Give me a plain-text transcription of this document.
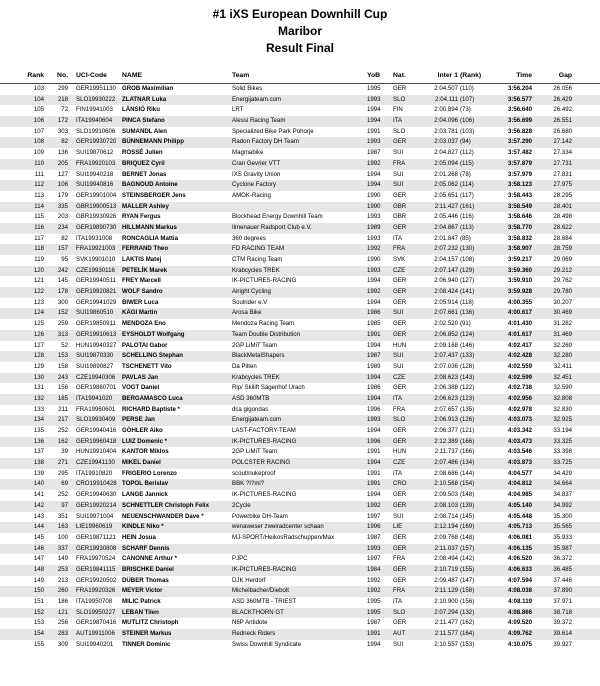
#1 iXS European Downhill Cup
Maribor
Result Final
Rank	No. UCI-Code	NAME	Team	YoB	Nat.	Inter 1 (Rank)	Time	Gap
103	299 GER19951130	GROB Maximilian	Solid Bikes	1995	GER	2:04.507 (110)	3:56.204	26.056
104	218 SLO19930222	ZLATNAR Luka	Energijateam.com	1993	SLO	2:04.111 (107)	3:56.577	26.429
105	72 FIN19941003	LÄNSIÖ Riku	LRT	1994	FIN	2:00.894 (73)	3:56.640	26.492
106	172 ITA19940604	PINCA Stefano	Alessi Racing Team	1994	ITA	2:04.096 (106)	3:56.699	26.551
107	303 SLO19910606	SUMANDL Alen	Specialized Bike Park Pohorje	1991	SLO	2:03.781 (103)	3:56.828	26.680
108	82 GER19930720 BÜNNEMANN Philipp	Radon Factory DH Team	1993	GER	2:03.037 (94)	3:57.290	27.142
109	136 SUI19870612	ROSSÉ Julien	Magmabike	1987	SUI	2:04.827 (112)	3:57.482	27.334
110	205 FRA19920103	BRIQUEZ Cyril	Cran Gevrier VTT	1992	FRA	2:05.094 (115)	3:57.879	27.731
111	127 SUI19940218	BERNET Jonas	IXS Gravity Union	1994	SUI	2:01.268 (78)	3:57.979	27.831
112	106 SUI19940816	BAGNOUD Antoine	Cyclone Factory	1994	SUI	2:05.062 (114)	3:58.123	27.975
113	179 GER19901004 STEINSBERGER Jens	AMOK-Racing	1990	GER	2:05.651 (117)	3:58.443	28.295
114	335 GBR19900513 MALLER Ashley	1990	GBR	2:11.427 (161)	3:58.549	28.401
115	203 GBR19930926 RYAN Fergus	Blockhead Energy Downhill Team	1993	GBR	2:05.446 (116)	3:58.646	28.498
116	234 GER19890730 HILLMANN Markus	Ilmenauer Radsport Club e.V.	1989	GER	2:04.867 (113)	3:58.770	28.622
117	82 ITA19931008	RONCAGLIA Mattia	360 degrees	1993	ITA	2:01.847 (85)	3:58.832	28.684
118	157 FRA19921003	FERRAND Theo	FD RACING TEAM	1992	FRA	2:07.232 (130)	3:58.907	28.759
119	95 SVK19901010	LAKTIS Matej	CTM Racing Team	1990	SVK	2:04.157 (108)	3:59.217	29.069
120	242 CZE19930116	PETELÍK Marek	Krabcycles TREK	1993	CZE	2:07.147 (129)	3:59.360	29.212
121	145 GER19940511	FREY Marcell	IK-PICTURES-RACING	1994	GER	2:06.940 (127)	3:59.910	29.762
122	178 GER19920821 WOLF Sandro	Alright Cycling	1992	GER	2:08.424 (141)	3:59.928	29.780
123	300 GER19941029 BIWER Luca	Soulrider e.V	1994	GER	2:05.914 (118)	4:00.355	30.207
124	152 SUI19860510	KÄGI Martin	Arosa Bike	1986	SUI	2:07.661 (136)	4:00.617	30.469
125	259 GER19850911	MENDOZA Eno	Mendoza Racing Team	1985	GER	2:02.520 (91)	4:01.430	31.282
126	313 GER19910613 EYSHOLDT Wolfgang	Team Double Distribution	1991	GER	2:06.852 (124)	4:01.617	31.469
127	52 HUN19940327 PALOTAI Gabor	2GP LiMiT Team	1994	HUN	2:09.168 (146)	4:02.417	32.269
128	153 SUI19870330	SCHELLING Stephan	BlackMetalShapers	1987	SUI	2:07.437 (133)	4:02.428	32.280
129	158 SUI19890827	TSCHENETT Vito	Da Pilten	1989	SUI	2:07.036 (128)	4:02.559	32.411
130	243 CZE19940306	PAVLAS Jan	Krabcycles TREK	1994	CZE	2:08.623 (143)	4:02.599	32.451
131	156 GER19860701 VOGT Daniel	Rip/ Skilift Sägenhof Urach	1986	GER	2:06.388 (122)	4:02.738	32.590
132	185 ITA19941020	BERGAMASCO Luca	ASD 360MTB	1994	ITA	2:06.623 (123)	4:02.956	32.808
133	211 FRA19960601	RICHARD Baptiste *	dca gigondas	1996	FRA	2:07.657 (135)	4:02.978	32.830
134	217 SLO19930409	PERSE Jan	Energijateam.com	1993	SLO	2:06.913 (126)	4:03.073	32.925
135	252 GER19940416 GÖHLER Aiko	LAST-FACTORY-TEAM	1994	GER	2:06.377 (121)	4:03.342	33.194
136	162 GER19960418 LUIZ Domenic *	IK-PICTURES-RACING	1996	GER	2:12.389 (166)	4:03.473	33.325
137	39 HUN19910404 KANTOR Miklos	2GP LiMiT Team	1991	HUN	2:11.737 (166)	4:03.546	33.398
138	271 CZE19941130	MIKEL Daniel	POLCSTER RACING	1994	CZE	2:07.486 (134)	4:03.873	33.725
139	295 ITA19910820	FRIGERIO Lorenzo	scout/nukeproof	1991	ITA	2:08.686 (144)	4:04.577	34.429
140	69 CRO19910428 TOPOL Berislav	BBK ?I?mi?	1991	CRO	2:10.568 (154)	4:04.812	34.664
141	252 GER19940630 LANGE Jannick	IK-PICTURES-RACING	1994	GER	2:09.503 (148)	4:04.985	34.837
142	97 GER19920214 SCHNETTLER Christoph Felix	2Cycle	1992	GER	2:08.103 (139)	4:05.140	34.992
143	351 SUI19971004	NEUENSCHWANDER Dave *	Powerbike DH-Team	1997	SUI	2:08.714 (145)	4:05.448	35.300
144	163 LIE19960619	KINDLE Niko *	wenaweser zweiradcenter schaan	1996	LIE	2:12.194 (169)	4:05.713	35.565
145	100 GER19871121	HEIN Josua	MJ-SPORT/HeikosRadschuppen/Max	1987	GER	2:09.768 (148)	4:06.081	35.933
146	337 GER19930808 SCHARF Dennis	1993	GER	2:11.037 (157)	4:06.135	35.987
147	149 FRA19970524	CANONNE Arthur *	PJPC	1997	FRA	2:08.494 (142)	4:06.520	36.372
148	253 GER19841115	BRISCHKE Daniel	IK-PICTURES-RACING	1984	GER	2:10.719 (155)	4:06.633	36.485
149	213 GER19920502 DÜBER Thomas	DJK Herdorf	1992	GER	2:09.487 (147)	4:07.594	37.446
150	260 FRA19920326	MEYER Victor	Michelbacher/Diebolt	1992	FRA	2:11.129 (158)	4:08.038	37.890
151	186 ITA19950708	MILIC Patrick	ASD 360MTB - TRIEST	1995	ITA	2:10.900 (156)	4:08.119	37.971
152	121 SLO19950227	LEBAN Tilen	BLACKTHORN GT	1995	SLO	2:07.294 (132)	4:08.866	38.718
153	256 GER19870416 MUTLITZ Christoph	N6P Antidote	1987	GER	2:11.477 (162)	4:09.520	39.372
154	283 AUT19911006	STEINER Markus	Redneck Riders	1991	AUT	2:11.577 (164)	4:09.762	39.614
155	309 SUI19940201	TINNER Dominic	Swiss Downhill Syndicate	1994	SUI	2:10.557 (153)	4:10.075	39.927
